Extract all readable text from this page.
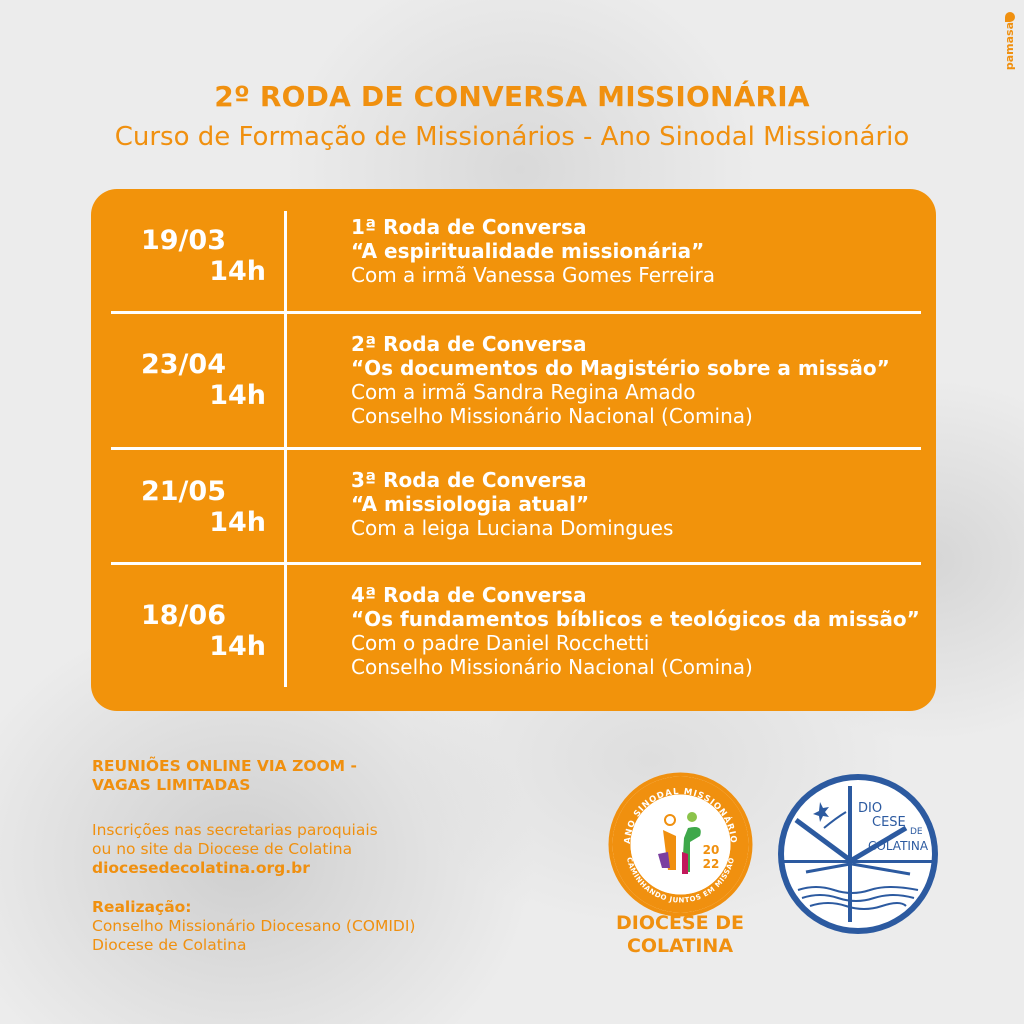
pamasa
2º RODA DE CONVERSA MISSIONÁRIA
Curso de Formação de Missionários - Ano Sinodal Missionário
19/03
14h
1ª Roda de Conversa
“A espiritualidade missionária”
Com a irmã Vanessa Gomes Ferreira
23/04
14h
2ª Roda de Conversa
“Os documentos do Magistério sobre a missão”
Com a irmã Sandra Regina Amado
Conselho Missionário Nacional (Comina)
21/05
14h
3ª Roda de Conversa
“A missiologia atual”
Com a leiga Luciana Domingues
18/06
14h
4ª Roda de Conversa
“Os fundamentos bíblicos e teológicos da missão”
Com o padre Daniel Rocchetti
Conselho Missionário Nacional (Comina)
REUNIÕES ONLINE VIA ZOOM -
VAGAS LIMITADAS
Inscrições nas secretarias paroquiais
ou no site da Diocese de Colatina
diocesedecolatina.org.br
Realização:
Conselho Missionário Diocesano (COMIDI)
Diocese de Colatina
ANO SINODAL MISSIONÁRIO
CAMINHANDO JUNTOS EM MISSÃO
20
22
DIOCESE DE
COLATINA
DIO
CESE
DE
COLATINA
